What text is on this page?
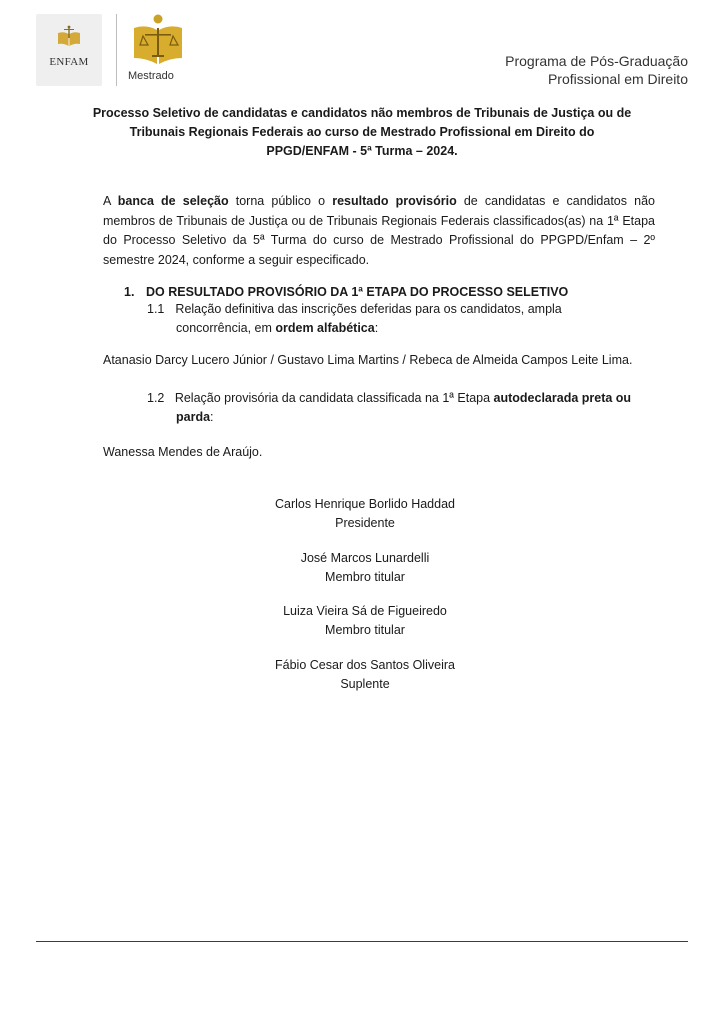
ENFAM
Mestrado
Programa de Pós-Graduação
Profissional em Direito
Processo Seletivo de candidatas e candidatos não membros de Tribunais de Justiça ou de
Tribunais Regionais Federais ao curso de Mestrado Profissional em Direito do
PPGD/ENFAM - 5ª Turma – 2024.
A banca de seleção torna público o resultado provisório de candidatas e candidatos não membros de Tribunais de Justiça ou de Tribunais Regionais Federais classificados(as) na 1ª Etapa do Processo Seletivo da 5ª Turma do curso de Mestrado Profissional do PPGPD/Enfam – 2º semestre 2024, conforme a seguir especificado.
1. DO RESULTADO PROVISÓRIO DA 1ª ETAPA DO PROCESSO SELETIVO
1.1 Relação definitiva das inscrições deferidas para os candidatos, ampla
concorrência, em ordem alfabética:
Atanasio Darcy Lucero Júnior / Gustavo Lima Martins / Rebeca de Almeida Campos Leite Lima.
1.2 Relação provisória da candidata classificada na 1ª Etapa autodeclarada preta ou
parda:
Wanessa Mendes de Araújo.
Carlos Henrique Borlido Haddad
Presidente
José Marcos Lunardelli
Membro titular
Luiza Vieira Sá de Figueiredo
Membro titular
Fábio Cesar dos Santos Oliveira
Suplente
